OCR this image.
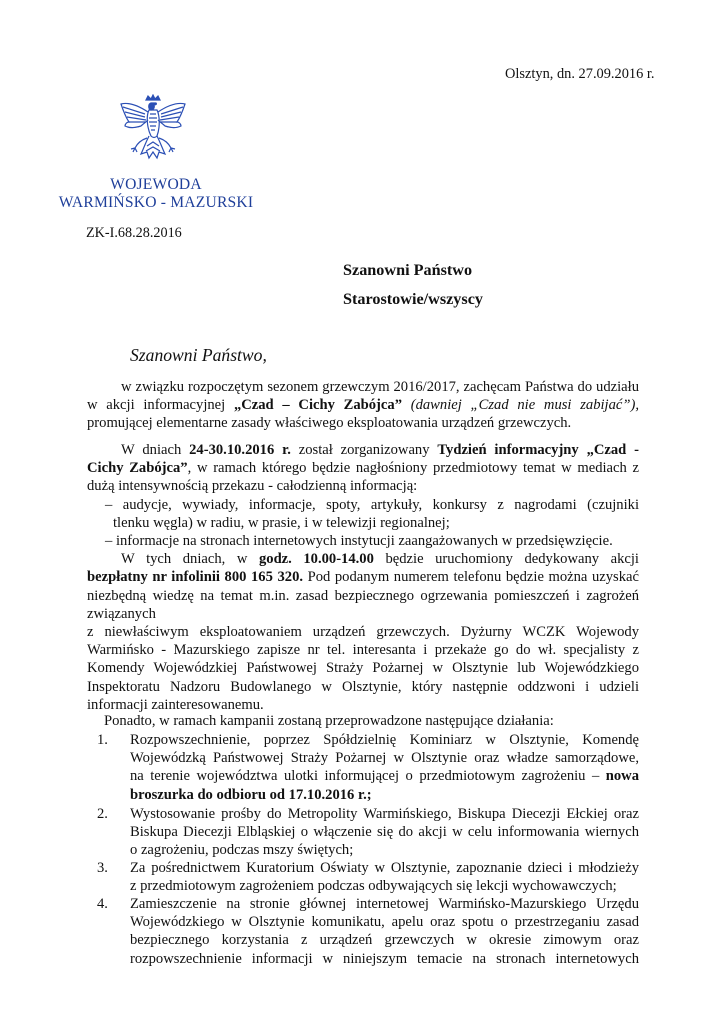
Olsztyn, dn. 27.09.2016 r.
WOJEWODA
WARMIŃSKO - MAZURSKI
ZK-I.68.28.2016
Szanowni Państwo
Starostowie/wszyscy
Szanowni Państwo,
w związku rozpoczętym sezonem grzewczym 2016/2017, zachęcam Państwa do udziału
w akcji informacyjnej „Czad – Cichy Zabójca” (dawniej „Czad nie musi zabijać”),
promującej elementarne zasady właściwego eksploatowania urządzeń grzewczych.
W dniach 24-30.10.2016 r. został zorganizowany Tydzień informacyjny „Czad -
Cichy Zabójca”, w ramach którego będzie nagłośniony przedmiotowy temat w mediach z
dużą intensywnością przekazu - całodzienną informacją:
– audycje, wywiady, informacje, spoty, artykuły, konkursy z nagrodami (czujniki
tlenku węgla) w radiu, w prasie, i w telewizji regionalnej;
– informacje na stronach internetowych instytucji zaangażowanych w przedsięwzięcie.
W tych dniach, w godz. 10.00-14.00 będzie uruchomiony dedykowany akcji
bezpłatny nr infolinii 800 165 320. Pod podanym numerem telefonu będzie można uzyskać
niezbędną wiedzę na temat m.in. zasad bezpiecznego ogrzewania pomieszczeń i zagrożeń
związanych
z niewłaściwym eksploatowaniem urządzeń grzewczych. Dyżurny WCZK Wojewody
Warmińsko - Mazurskiego zapisze nr tel. interesanta i przekaże go do wł. specjalisty z
Komendy Wojewódzkiej Państwowej Straży Pożarnej w Olsztynie lub Wojewódzkiego
Inspektoratu Nadzoru Budowlanego w Olsztynie, który następnie oddzwoni i udzieli
informacji zainteresowanemu.
Ponadto, w ramach kampanii zostaną przeprowadzone następujące działania:
1. Rozpowszechnienie, poprzez Spółdzielnię Kominiarz w Olsztynie, Komendę
Wojewódzką Państwowej Straży Pożarnej w Olsztynie oraz władze samorządowe,
na terenie województwa ulotki informującej o przedmiotowym zagrożeniu – nowa
broszurka do odbioru od 17.10.2016 r.;
2. Wystosowanie prośby do Metropolity Warmińskiego, Biskupa Diecezji Ełckiej oraz
Biskupa Diecezji Elbląskiej o włączenie się do akcji w celu informowania wiernych
o zagrożeniu, podczas mszy świętych;
3. Za pośrednictwem Kuratorium Oświaty w Olsztynie, zapoznanie dzieci i młodzieży
z przedmiotowym zagrożeniem podczas odbywających się lekcji wychowawczych;
4. Zamieszczenie na stronie głównej internetowej Warmińsko-Mazurskiego Urzędu
Wojewódzkiego w Olsztynie komunikatu, apelu oraz spotu o przestrzeganiu zasad
bezpiecznego korzystania z urządzeń grzewczych w okresie zimowym oraz
rozpowszechnienie informacji w niniejszym temacie na stronach internetowych
